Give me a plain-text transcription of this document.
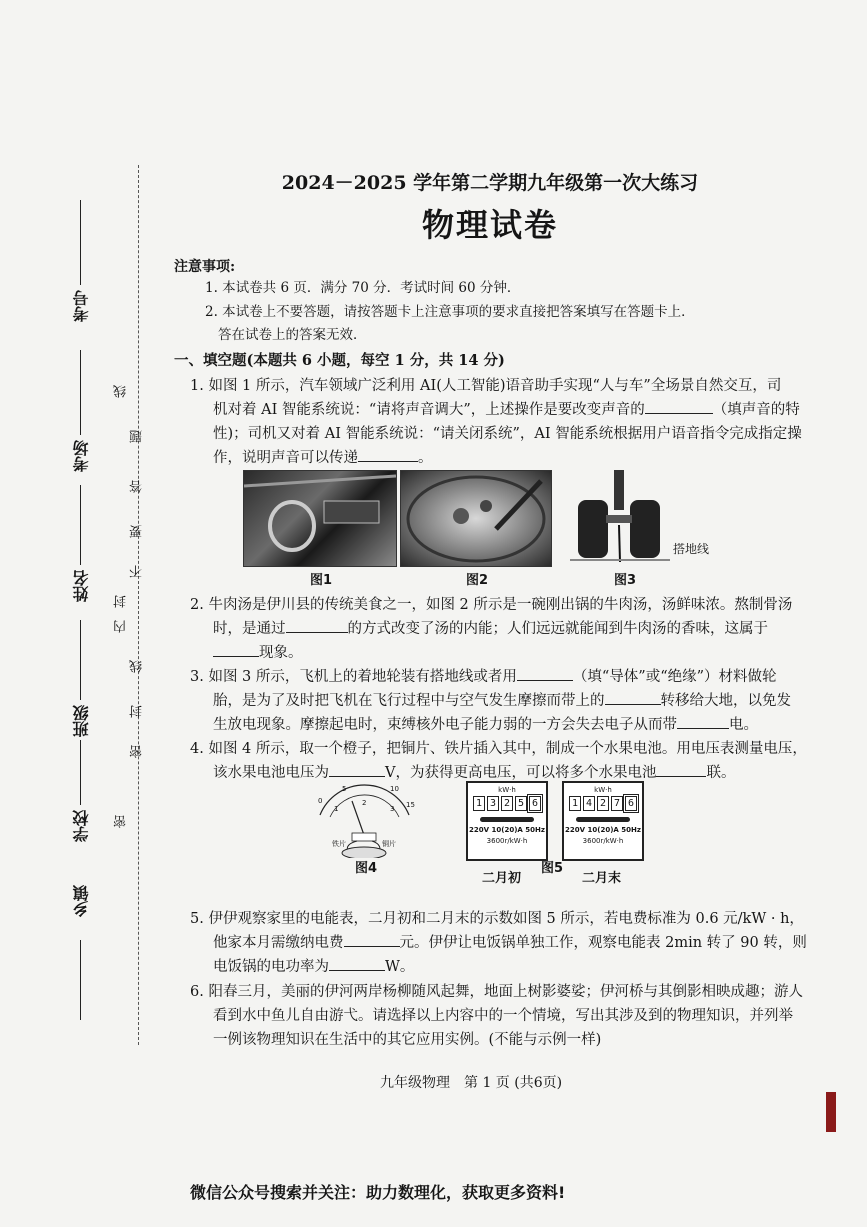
考号
考场
姓名
班级
学校
乡镇
线
题
答
要
不
内
线
封
封
密
密
2024－2025 学年第二学期九年级第一次大练习
物理试卷
注意事项:
1. 本试卷共 6 页．满分 70 分．考试时间 60 分钟．
2. 本试卷上不要答题，请按答题卡上注意事项的要求直接把答案填写在答题卡上．
答在试卷上的答案无效．
一、填空题(本题共 6 小题，每空 1 分，共 14 分)
1. 如图 1 所示，汽车领域广泛利用 AI(人工智能)语音助手实现“人与车”全场景自然交互，司
机对着 AI 智能系统说：“请将声音调大”，上述操作是要改变声音的	（填声音的特
性)；司机又对着 AI 智能系统说：“请关闭系统”，AI 智能系统根据用户语音指令完成指定操
作，说明声音可以传递	。
搭地线
图1	图2	图3
2. 牛肉汤是伊川县的传统美食之一，如图 2 所示是一碗刚出锅的牛肉汤，汤鲜味浓。熬制骨汤
时，是通过	的方式改变了汤的内能；人们远远就能闻到牛肉汤的香味，这属于
现象。
3. 如图 3 所示，飞机上的着地轮装有搭地线或者用	（填“导体”或“绝缘”）材料做轮
胎，是为了及时把飞机在飞行过程中与空气发生摩擦而带上的	转移给大地，以免发
生放电现象。摩擦起电时，束缚核外电子能力弱的一方会失去电子从而带	电。
4. 如图 4 所示，取一个橙子，把铜片、铁片插入其中，制成一个水果电池。用电压表测量电压，
该水果电池电压为	V，为获得更高电压，可以将多个水果电池	联。
0
5	10
15
1
2
3
铁片	铜片
图4
kW·h
1 3 2 5 6
220V 10(20)A 50Hz
3600r/kW·h
二月初
kW·h
1 4 2 7 6
220V 10(20)A 50Hz
3600r/kW·h
二月末
图5
5. 伊伊观察家里的电能表，二月初和二月末的示数如图 5 所示，若电费标准为 0.6 元/kW · h，
他家本月需缴纳电费	元。伊伊让电饭锅单独工作，观察电能表 2min 转了 90 转，则
电饭锅的电功率为	W。
6. 阳春三月，美丽的伊河两岸杨柳随风起舞，地面上树影婆娑；伊河桥与其倒影相映成趣；游人
看到水中鱼儿自由游弋。请选择以上内容中的一个情境，写出其涉及到的物理知识，并列举
一例该物理知识在生活中的其它应用实例。(不能与示例一样)
九年级物理　第 1 页 (共6页)
微信公众号搜索并关注：助力数理化，获取更多资料!
